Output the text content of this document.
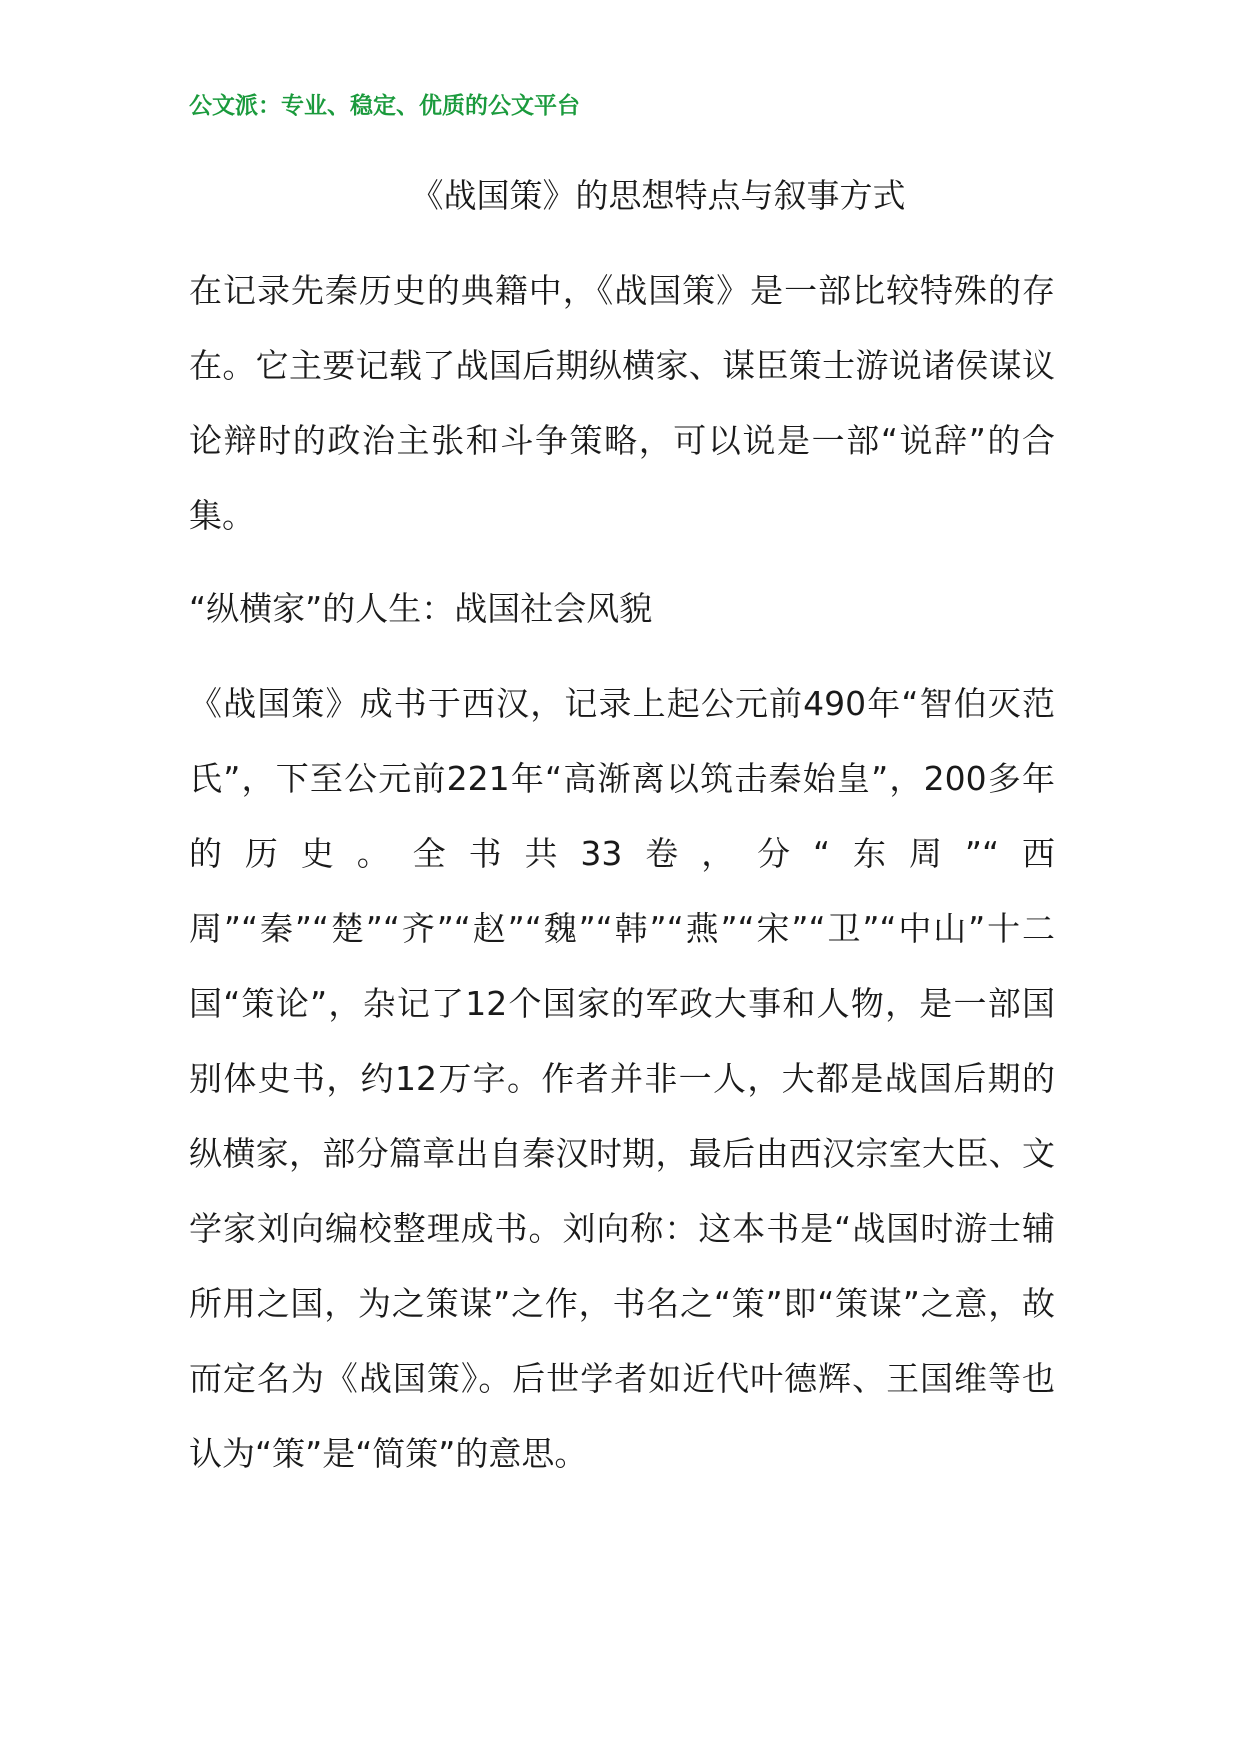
公文派：专业、稳定、优质的公文平台
《战国策》的思想特点与叙事方式
在记录先秦历史的典籍中，《战国策》是一部比较特殊的存在。它主要记载了战国后期纵横家、谋臣策士游说诸侯谋议论辩时的政治主张和斗争策略，可以说是一部“说辞”的合集。
“纵横家”的人生：战国社会风貌
《战国策》成书于西汉，记录上起公元前490年“智伯灭范氏”，下至公元前221年“高渐离以筑击秦始皇”，200多年的历史。全书共33卷，分“东周”“西周”“秦”“楚”“齐”“赵”“魏”“韩”“燕”“宋”“卫”“中山”十二国“策论”，杂记了12个国家的军政大事和人物，是一部国别体史书，约12万字。作者并非一人，大都是战国后期的纵横家，部分篇章出自秦汉时期，最后由西汉宗室大臣、文学家刘向编校整理成书。刘向称：这本书是“战国时游士辅所用之国，为之策谋”之作，书名之“策”即“策谋”之意，故而定名为《战国策》。后世学者如近代叶德辉、王国维等也认为“策”是“简策”的意思。
